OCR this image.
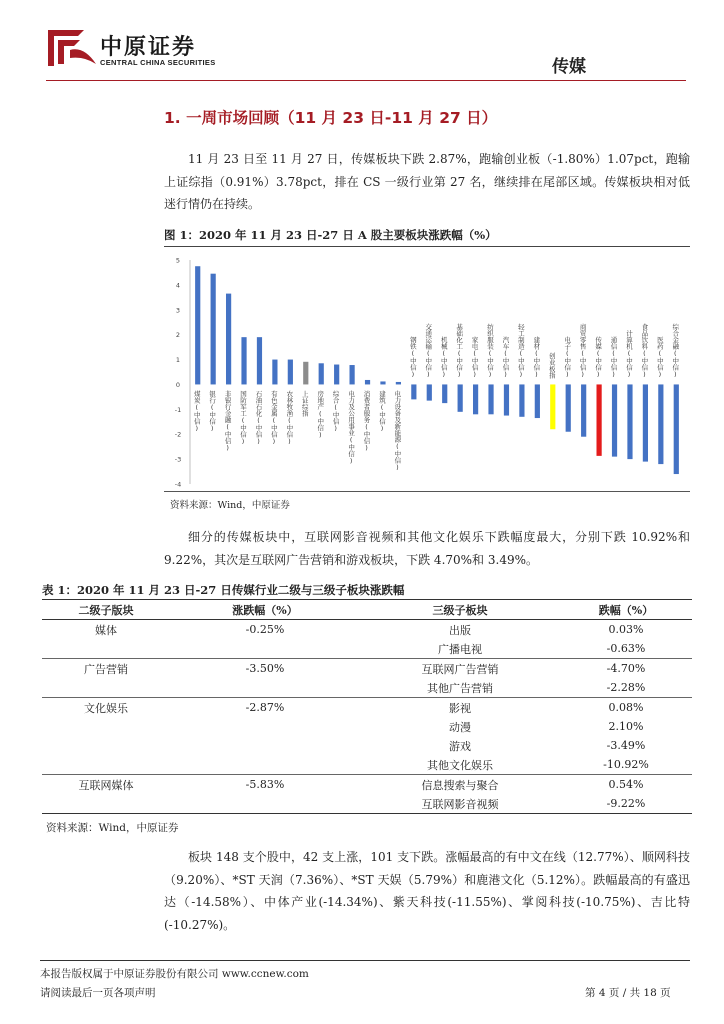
中原证券
CENTRAL CHINA SECURITIES	传媒
1. 一周市场回顾（11 月 23 日-11 月 27 日）
11 月 23 日至 11 月 27 日，传媒板块下跌 2.87%，跑输创业板（-1.80%）1.07pct，跑输上证综指（0.91%）3.78pct，排在 CS 一级行业第 27 名，继续排在尾部区域。传媒板块相对低迷行情仍在持续。
图 1：2020 年 11 月 23 日-27 日 A 股主要板块涨跌幅（%）
5
4
3
2
1
0
-1
-2
-3
-4
煤炭(中信) 银行(中信) 非银行金融(中信) 国防军工(中信) 石油石化(中信) 有色金属(中信) 农林牧渔(中信) 上证综指 房地产(中信) 综合(中信) 电力及公用事业(中信) 消费者服务(中信) 建筑(中信) 电力设备及新能源(中信)
钢铁(中信) 交通运输(中信) 机械(中信) 基础化工(中信) 家电(中信) 纺织服装(中信) 汽车(中信) 轻工制造(中信) 建材(中信) 创业板指 电子(中信) 商贸零售(中信) 传媒(中信) 通信(中信) 计算机(中信) 食品饮料(中信) 医药(中信) 综合金融(中信)
资料来源：Wind，中原证券
细分的传媒板块中，互联网影音视频和其他文化娱乐下跌幅度最大，分别下跌 10.92%和 9.22%，其次是互联网广告营销和游戏板块，下跌 4.70%和 3.49%。
表 1：2020 年 11 月 23 日-27 日传媒行业二级与三级子板块涨跌幅
二级子版块	涨跌幅（%）	三级子板块	跌幅（%）
媒体	-0.25%	出版	0.03%
		广播电视	-0.63%
广告营销	-3.50%	互联网广告营销	-4.70%
		其他广告营销	-2.28%
文化娱乐	-2.87%	影视	0.08%
		动漫	2.10%
		游戏	-3.49%
		其他文化娱乐	-10.92%
互联网媒体	-5.83%	信息搜索与聚合	0.54%
		互联网影音视频	-9.22%
资料来源：Wind，中原证券
板块 148 支个股中，42 支上涨，101 支下跌。涨幅最高的有中文在线（12.77%）、顺网科技（9.20%）、*ST 天润（7.36%）、*ST 天娱（5.79%）和鹿港文化（5.12%）。跌幅最高的有盛迅达（-14.58%）、中体产业(-14.34%)、紫天科技(-11.55%)、掌阅科技(-10.75%)、吉比特(-10.27%)。
本报告版权属于中原证券股份有限公司 www.ccnew.com
请阅读最后一页各项声明	第 4 页 / 共 18 页
